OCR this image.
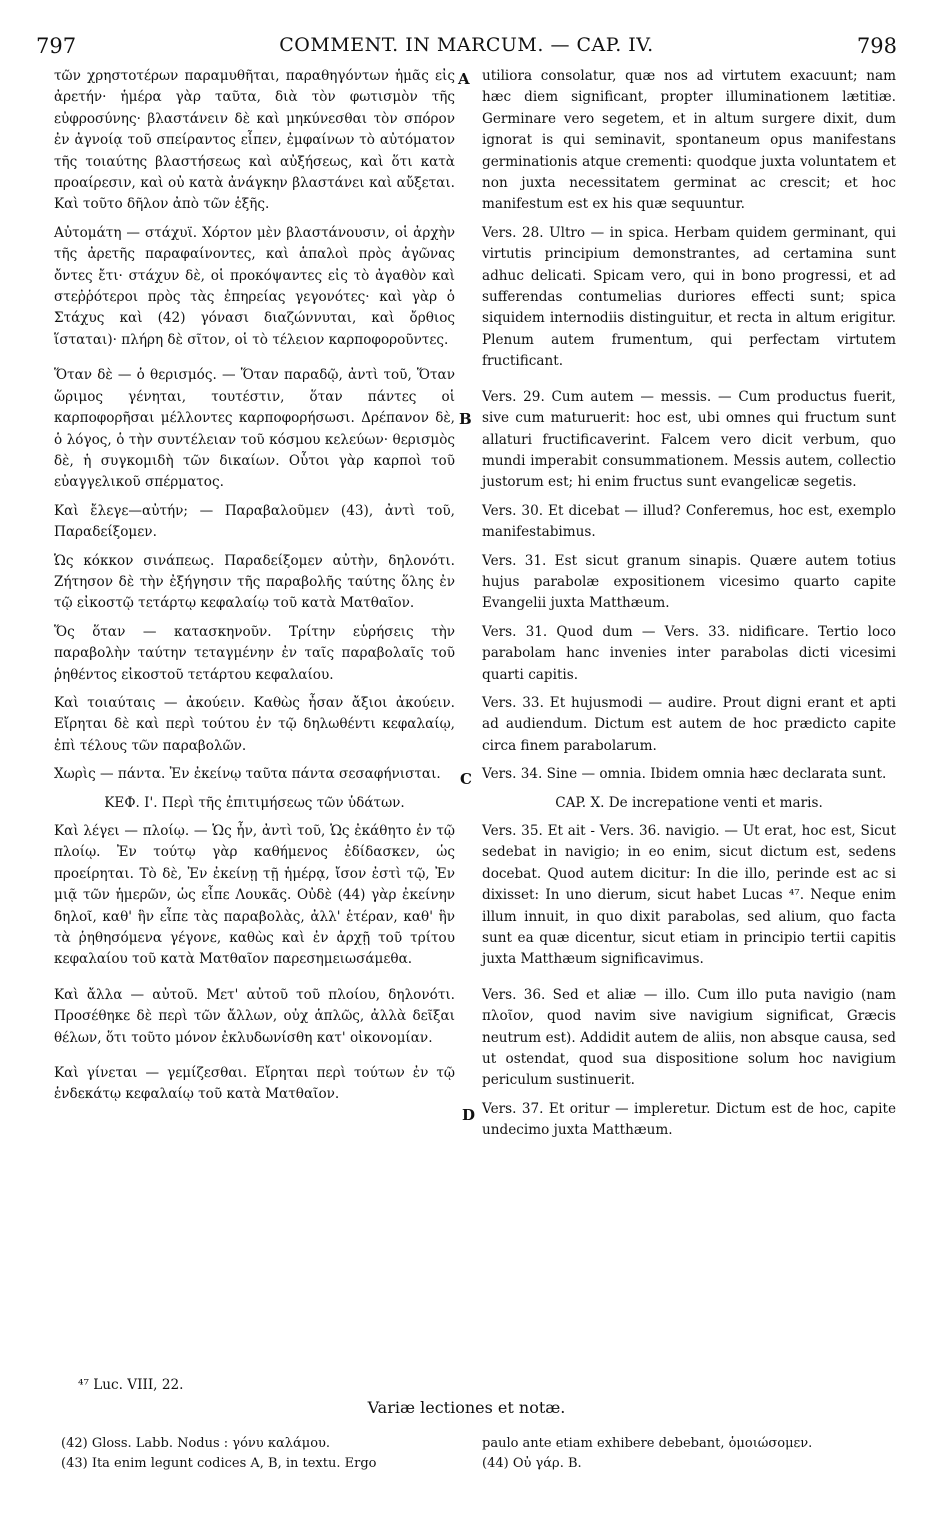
797	COMMENT. IN MARCUM. — CAP. IV.	798

τῶν χρηστοτέρων παραμυθῆται, παραθηγόντων ἡμᾶς εἰς ἀρετήν· ἡμέρα γὰρ ταῦτα, διὰ τὸν φωτισμὸν τῆς εὐφροσύνης· βλαστάνειν δὲ καὶ μηκύνεσθαι τὸν σπόρον ἐν ἀγνοίᾳ τοῦ σπείραντος εἶπεν, ἐμφαίνων τὸ αὐτόματον τῆς τοιαύτης βλαστήσεως καὶ αὐξήσεως, καὶ ὅτι κατὰ προαίρεσιν, καὶ οὐ κατὰ ἀνάγκην βλαστάνει καὶ αὔξεται. Καὶ τοῦτο δῆλον ἀπὸ τῶν ἑξῆς.

Αὐτομάτη — στάχυϊ. Χόρτον μὲν βλαστάνουσιν, οἱ ἀρχὴν τῆς ἀρετῆς παραφαίνοντες, καὶ ἁπαλοὶ πρὸς ἀγῶνας ὄντες ἔτι· στάχυν δὲ, οἱ προκόψαντες εἰς τὸ ἀγαθὸν καὶ στεῤῥότεροι πρὸς τὰς ἐπηρείας γεγονότες· καὶ γὰρ ὁ Στάχυς καὶ (42) γόνασι διαζώννυται, καὶ ὄρθιος ἵσταται)· πλήρη δὲ σῖτον, οἱ τὸ τέλειον καρποφοροῦντες.

Ὅταν δὲ — ὁ θερισμός. — Ὅταν παραδῷ, ἀντὶ τοῦ, Ὅταν ὥριμος γένηται, τουτέστιν, ὅταν πάντες οἱ καρποφορῆσαι μέλλοντες καρποφορήσωσι. Δρέπανον δὲ, ὁ λόγος, ὁ τὴν συντέλειαν τοῦ κόσμου κελεύων· θερισμὸς δὲ, ἡ συγκομιδὴ τῶν δικαίων. Οὗτοι γὰρ καρποὶ τοῦ εὐαγγελικοῦ σπέρματος.

Καὶ ἔλεγε—αὐτήν; — Παραβαλοῦμεν (43), ἀντὶ τοῦ, Παραδείξομεν.

Ὡς κόκκον σινάπεως. Παραδείξομεν αὐτὴν, δηλονότι. Ζήτησον δὲ τὴν ἐξήγησιν τῆς παραβολῆς ταύτης ὅλης ἐν τῷ εἰκοστῷ τετάρτῳ κεφαλαίῳ τοῦ κατὰ Ματθαῖον.

Ὅς ὅταν — κατασκηνοῦν. Τρίτην εὑρήσεις τὴν παραβολὴν ταύτην τεταγμένην ἐν ταῖς παραβολαῖς τοῦ ῥηθέντος εἰκοστοῦ τετάρτου κεφαλαίου.

Καὶ τοιαύταις — ἀκούειν. Καθὼς ἦσαν ἄξιοι ἀκούειν. Εἴρηται δὲ καὶ περὶ τούτου ἐν τῷ δηλωθέντι κεφαλαίῳ, ἐπὶ τέλους τῶν παραβολῶν.

Χωρὶς — πάντα. Ἐν ἐκείνῳ ταῦτα πάντα σεσαφήνισται.

ΚΕΦ. Ι'. Περὶ τῆς ἐπιτιμήσεως τῶν ὑδάτων.

Καὶ λέγει — πλοίῳ. — Ὡς ἦν, ἀντὶ τοῦ, Ὡς ἐκάθητο ἐν τῷ πλοίῳ. Ἐν τούτῳ γὰρ καθήμενος ἐδίδασκεν, ὡς προείρηται. Τὸ δὲ, Ἐν ἐκείνῃ τῇ ἡμέρᾳ, ἴσον ἐστὶ τῷ, Ἐν μιᾷ τῶν ἡμερῶν, ὡς εἶπε Λουκᾶς. Οὐδὲ (44) γὰρ ἐκείνην δηλοῖ, καθ' ἣν εἶπε τὰς παραβολὰς, ἀλλ' ἑτέραν, καθ' ἣν τὰ ῥηθησόμενα γέγονε, καθὼς καὶ ἐν ἀρχῇ τοῦ τρίτου κεφαλαίου τοῦ κατὰ Ματθαῖον παρεσημειωσάμεθα.

Καὶ ἄλλα — αὐτοῦ. Μετ' αὐτοῦ τοῦ πλοίου, δηλονότι. Προσέθηκε δὲ περὶ τῶν ἄλλων, οὐχ ἁπλῶς, ἀλλὰ δεῖξαι θέλων, ὅτι τοῦτο μόνον ἐκλυδωνίσθη κατ' οἰκονομίαν.

Καὶ γίνεται — γεμίζεσθαι. Εἴρηται περὶ τούτων ἐν τῷ ἑνδεκάτῳ κεφαλαίῳ τοῦ κατὰ Ματθαῖον.

utiliora consolatur, quæ nos ad virtutem exacuunt; nam hæc diem significant, propter illuminationem lætitiæ. Germinare vero segetem, et in altum surgere dixit, dum ignorat is qui seminavit, spontaneum opus manifestans germinationis atque crementi: quodque juxta voluntatem et non juxta necessitatem germinat ac crescit; et hoc manifestum est ex his quæ sequuntur.

Vers. 28. Ultro — in spica. Herbam quidem germinant, qui virtutis principium demonstrantes, ad certamina sunt adhuc delicati. Spicam vero, qui in bono progressi, et ad sufferendas contumelias duriores effecti sunt; spica siquidem internodiis distinguitur, et recta in altum erigitur. Plenum autem frumentum, qui perfectam virtutem fructificant.

Vers. 29. Cum autem — messis. — Cum productus fuerit, sive cum maturuerit: hoc est, ubi omnes qui fructum sunt allaturi fructificaverint. Falcem vero dicit verbum, quo mundi imperabit consummationem. Messis autem, collectio justorum est; hi enim fructus sunt evangelicæ segetis.

Vers. 30. Et dicebat — illud? Conferemus, hoc est, exemplo manifestabimus.

Vers. 31. Est sicut granum sinapis. Quære autem totius hujus parabolæ expositionem vicesimo quarto capite Evangelii juxta Matthæum.

Vers. 31. Quod dum — Vers. 33. nidificare. Tertio loco parabolam hanc invenies inter parabolas dicti vicesimi quarti capitis.

Vers. 33. Et hujusmodi — audire. Prout digni erant et apti ad audiendum. Dictum est autem de hoc prædicto capite circa finem parabolarum.

Vers. 34. Sine — omnia. Ibidem omnia hæc declarata sunt.

CAP. X. De increpatione venti et maris.

Vers. 35. Et ait - Vers. 36. navigio. — Ut erat, hoc est, Sicut sedebat in navigio; in eo enim, sicut dictum est, sedens docebat. Quod autem dicitur: In die illo, perinde est ac si dixisset: In uno dierum, sicut habet Lucas ⁴⁷. Neque enim illum innuit, in quo dixit parabolas, sed alium, quo facta sunt ea quæ dicentur, sicut etiam in principio tertii capitis juxta Matthæum significavimus.

Vers. 36. Sed et aliæ — illo. Cum illo puta navigio (nam πλοῖον, quod navim sive navigium significat, Græcis neutrum est). Addidit autem de aliis, non absque causa, sed ut ostendat, quod sua dispositione solum hoc navigium periculum sustinuerit.

Vers. 37. Et oritur — impleretur. Dictum est de hoc, capite undecimo juxta Matthæum.

A
B
C
D
⁴⁷ Luc. VIII, 22.
Variæ lectiones et notæ.

(42) Gloss. Labb. Nodus : γόνυ καλάμου.

(43) Ita enim legunt codices A, B, in textu. Ergo

paulo ante etiam exhibere debebant, ὁμοιώσομεν.

(44) Οὐ γάρ. B.
